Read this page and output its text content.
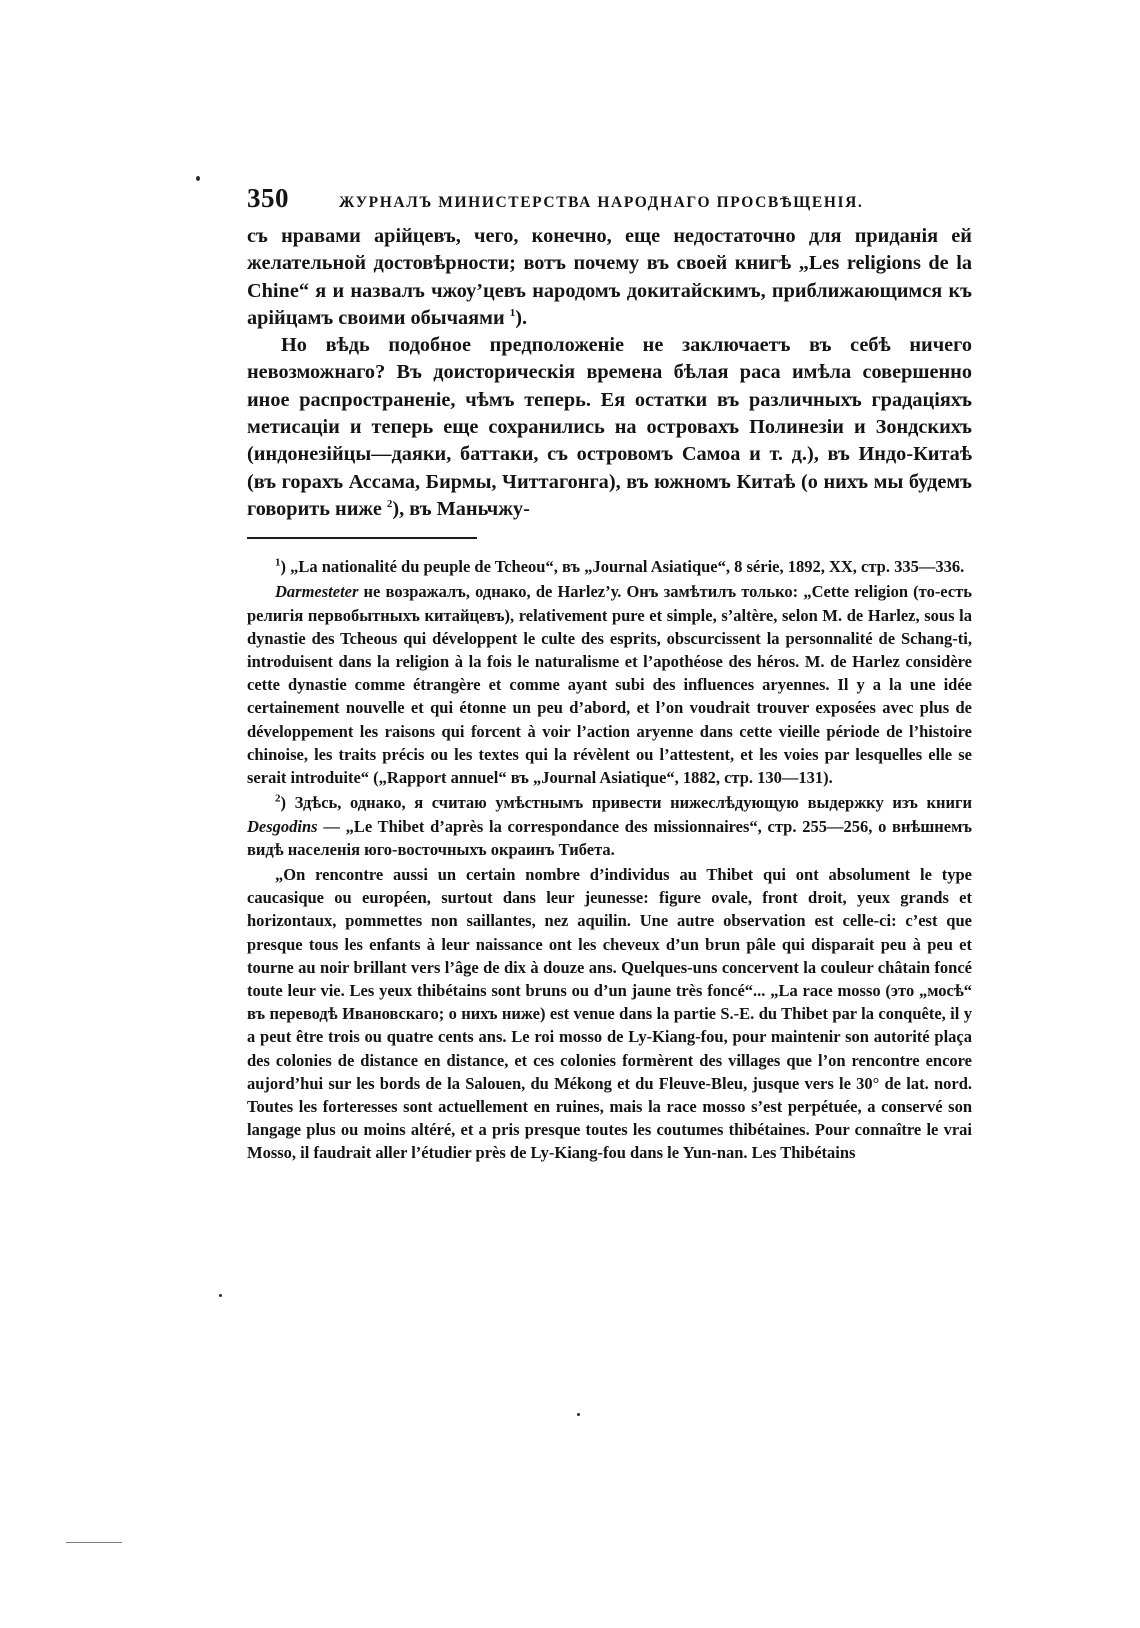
350	ЖУРНАЛЪ МИНИСТЕРСТВА НАРОДНАГО ПРОСВѢЩЕНІЯ.

съ нравами арійцевъ, чего, конечно, еще недостаточно для приданія ей желательной достовѣрности; вотъ почему въ своей книгѣ „Les religions de la Chine“ я и назвалъ чжоу’цевъ народомъ докитайскимъ, приближающимся къ арійцамъ своими обычаями $^1$).

Но вѣдь подобное предположеніе не заключаетъ въ себѣ ничего невозможнаго? Въ доисторическія времена бѣлая раса имѣла совершенно иное распространеніе, чѣмъ теперь. Ея остатки въ различныхъ градаціяхъ метисаціи и теперь еще сохранились на островахъ Полинезіи и Зондскихъ (индонезійцы—даяки, баттаки, съ островомъ Самоа и т. д.), въ Индо-Китаѣ (въ горахъ Ассама, Бирмы, Читтагонга), въ южномъ Китаѣ (о нихъ мы будемъ говорить ниже $^2$), въ Маньчжу-

$^1$) „La nationalité du peuple de Tcheou“, въ „Journal Asiatique“, 8 série, 1892, XX, стр. 335—336.

Darmesteter не возражалъ, однако, de Harlez’у. Онъ замѣтилъ только: „Cette religion (то-есть религія первобытныхъ китайцевъ), relativement pure et simple, s’altère, selon M. de Harlez, sous la dynastie des Tcheous qui développent le culte des esprits, obscurcissent la personnalité de Schang-ti, introduisent dans la religion à la fois le naturalisme et l’apothéose des héros. M. de Harlez considère cette dynastie comme étrangère et comme ayant subi des influences aryennes. Il y a la une idée certainement nouvelle et qui étonne un peu d’abord, et l’on voudrait trouver exposées avec plus de développement les raisons qui forcent à voir l’action aryenne dans cette vieille période de l’histoire chinoise, les traits précis ou les textes qui la révèlent ou l’attestent, et les voies par lesquelles elle se serait introduite“ („Rapport annuel“ въ „Journal Asiatique“, 1882, стр. 130—131).

$^2$) Здѣсь, однако, я считаю умѣстнымъ привести нижеслѣдующую выдержку изъ книги Desgodins — „Le Thibet d’après la correspondance des missionnaires“, стр. 255—256, о внѣшнемъ видѣ населенія юго-восточныхъ окраинъ Тибета.

„On rencontre aussi un certain nombre d’individus au Thibet qui ont absolument le type caucasique ou européen, surtout dans leur jeunesse: figure ovale, front droit, yeux grands et horizontaux, pommettes non saillantes, nez aquilin. Une autre observation est celle-ci: c’est que presque tous les enfants à leur naissance ont les cheveux d’un brun pâle qui disparait peu à peu et tourne au noir brillant vers l’âge de dix à douze ans. Quelques-uns concervent la couleur châtain foncé toute leur vie. Les yeux thibétains sont bruns ou d’un jaune très foncé“... „La race mosso (это „мосѣ“ въ переводѣ Ивановскаго; о нихъ ниже) est venue dans la partie S.-E. du Thibet par la conquête, il y a peut être trois ou quatre cents ans. Le roi mosso de Ly-Kiang-fou, pour maintenir son autorité plaça des colonies de distance en distance, et ces colonies formèrent des villages que l’on rencontre encore aujord’hui sur les bords de la Salouen, du Mékong et du Fleuve-Bleu, jusque vers le 30° de lat. nord. Toutes les forteresses sont actuellement en ruines, mais la race mosso s’est perpétuée, a conservé son langage plus ou moins altéré, et a pris presque toutes les coutumes thibétaines. Pour connaître le vrai Mosso, il faudrait aller l’étudier près de Ly-Kiang-fou dans le Yun-nan. Les Thibétains
